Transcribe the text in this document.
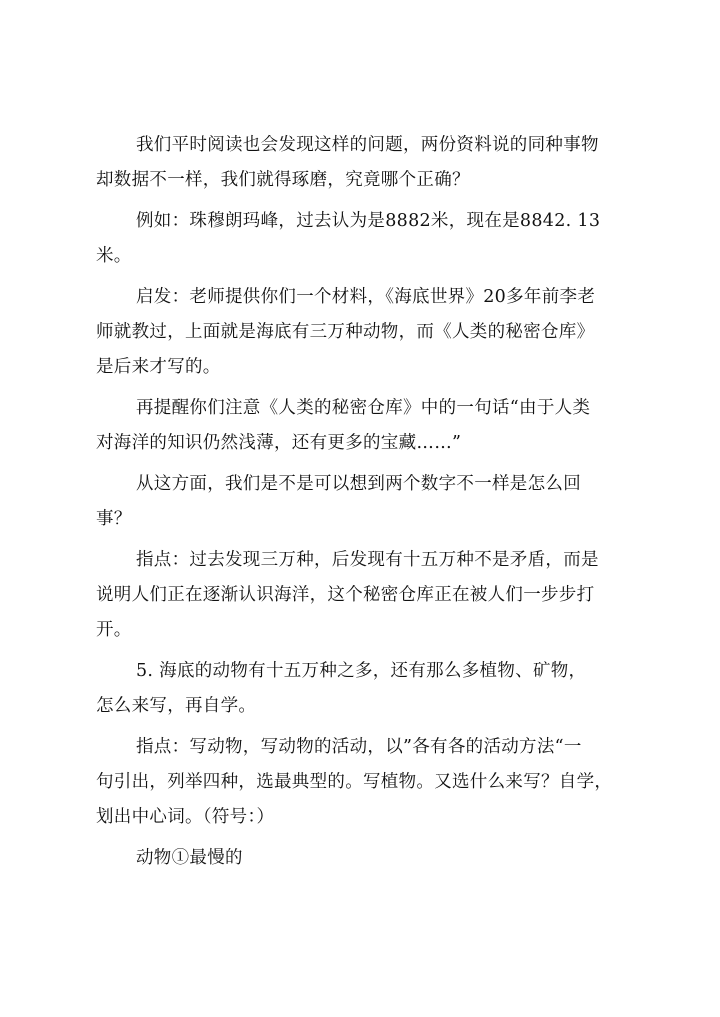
我们平时阅读也会发现这样的问题，两份资料说的同种事物
却数据不一样，我们就得琢磨，究竟哪个正确？

例如：珠穆朗玛峰，过去认为是8882米，现在是8842. 13
米。

启发：老师提供你们一个材料，《海底世界》20多年前李老
师就教过，上面就是海底有三万种动物，而《人类的秘密仓库》
是后来才写的。

再提醒你们注意《人类的秘密仓库》中的一句话“由于人类
对海洋的知识仍然浅薄，还有更多的宝藏……”

从这方面，我们是不是可以想到两个数字不一样是怎么回
事？

指点：过去发现三万种，后发现有十五万种不是矛盾，而是
说明人们正在逐渐认识海洋，这个秘密仓库正在被人们一步步打
开。

5. 海底的动物有十五万种之多，还有那么多植物、矿物，
怎么来写，再自学。

指点：写动物，写动物的活动，以”各有各的活动方法“一
句引出，列举四种，选最典型的。写植物。又选什么来写？自学，
划出中心词。（符号：）

动物①最慢的
